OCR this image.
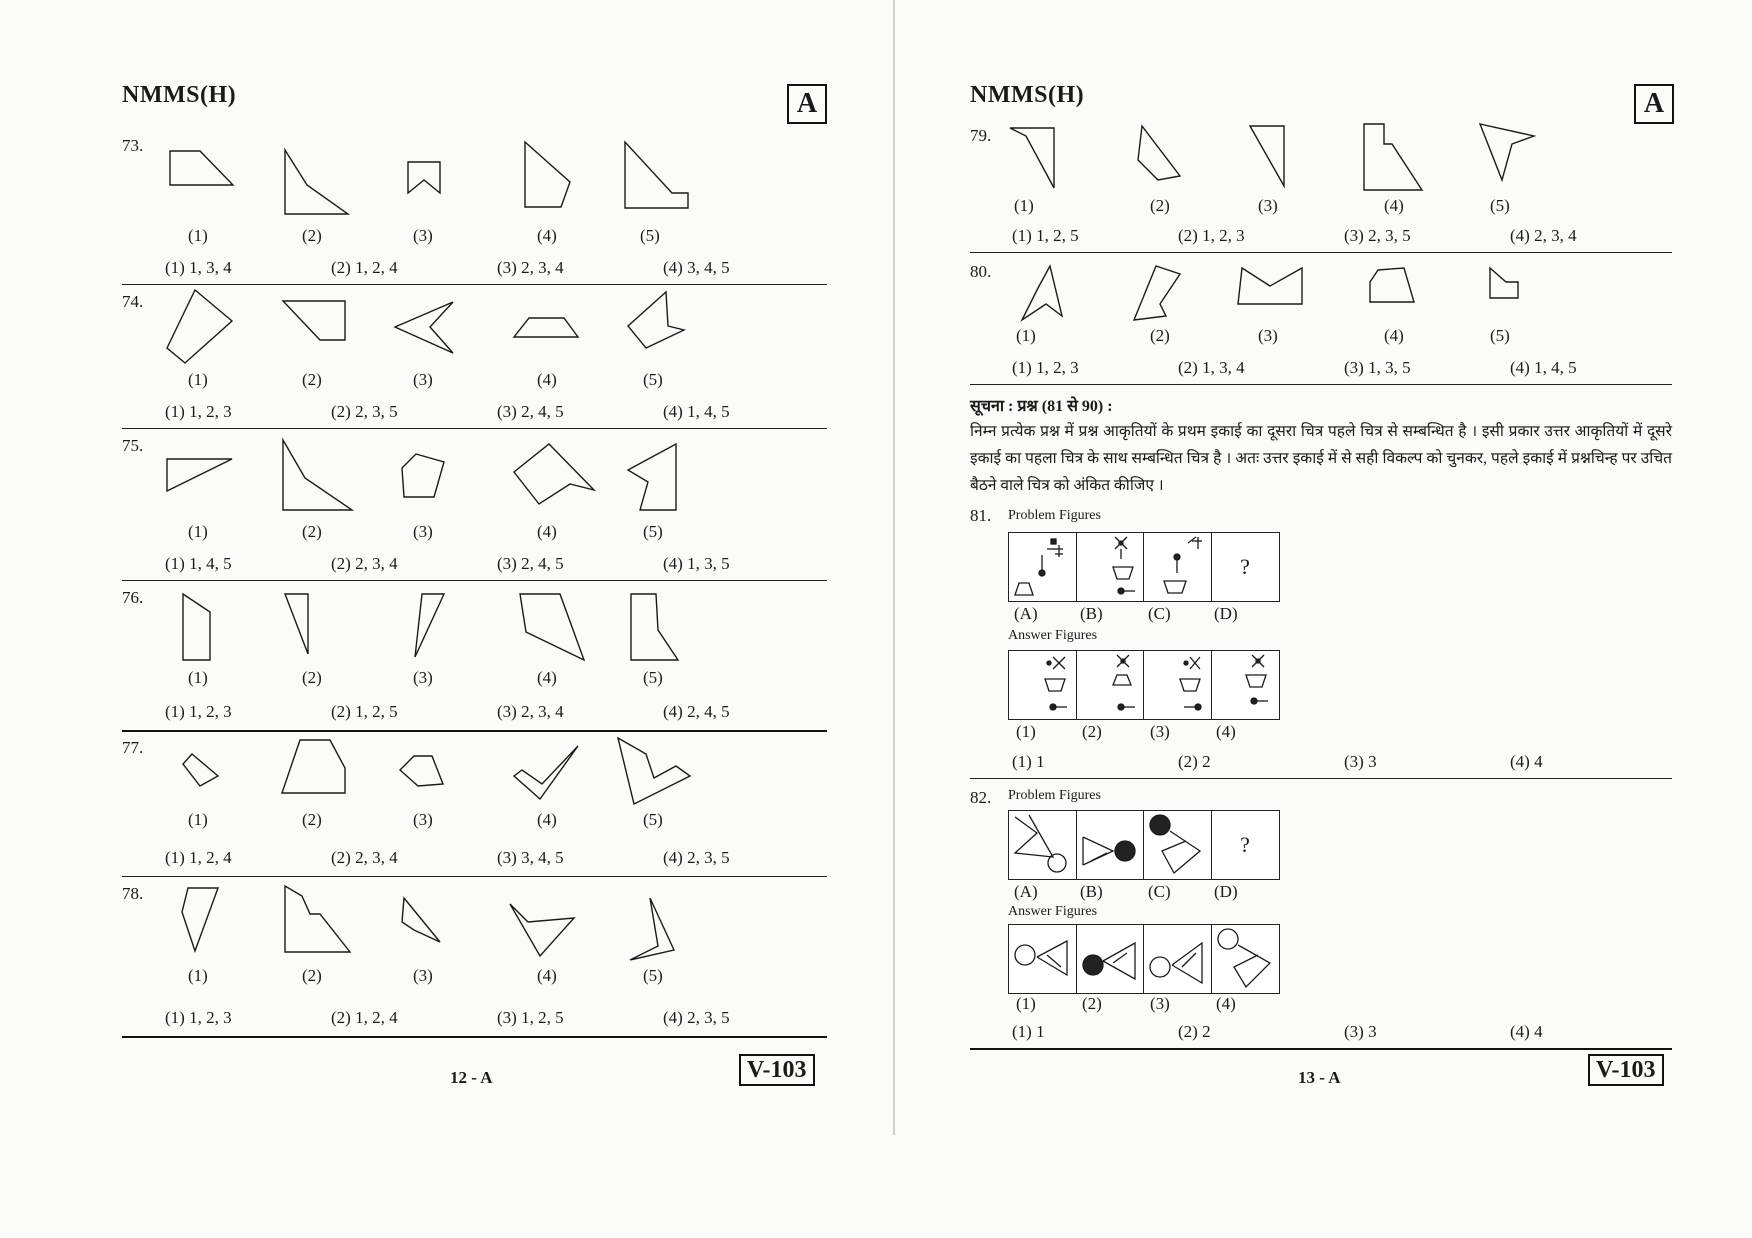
NMMS(H)	A
73.
(1)	(2)	(3)	(4)	(5)
(1) 1, 3, 4	(2) 1, 2, 4	(3) 2, 3, 4	(4) 3, 4, 5
74.
(1)	(2)	(3)	(4)	(5)
(1) 1, 2, 3	(2) 2, 3, 5	(3) 2, 4, 5	(4) 1, 4, 5
75.
(1)	(2)	(3)	(4)	(5)
(1) 1, 4, 5	(2) 2, 3, 4	(3) 2, 4, 5	(4) 1, 3, 5
76.
(1)	(2)	(3)	(4)	(5)
(1) 1, 2, 3	(2) 1, 2, 5	(3) 2, 3, 4	(4) 2, 4, 5
77.
(1)	(2)	(3)	(4)	(5)
(1) 1, 2, 4	(2) 2, 3, 4	(3) 3, 4, 5	(4) 2, 3, 5
78.
(1)	(2)	(3)	(4)	(5)
(1) 1, 2, 3	(2) 1, 2, 4	(3) 1, 2, 5	(4) 2, 3, 5
12 - A	V-103
NMMS(H)	A
79.
(1)	(2)	(3)	(4)	(5)
(1) 1, 2, 5	(2) 1, 2, 3	(3) 2, 3, 5	(4) 2, 3, 4
80.
(1)	(2)	(3)	(4)	(5)
(1) 1, 2, 3	(2) 1, 3, 4	(3) 1, 3, 5	(4) 1, 4, 5
सूचना : प्रश्न (81 से 90) :
निम्न प्रत्येक प्रश्न में प्रश्न आकृतियों के प्रथम इकाई का दूसरा चित्र पहले चित्र से सम्बन्धित है । इसी प्रकार उत्तर आकृतियों में दूसरे इकाई का पहला चित्र के साथ सम्बन्धित चित्र है । अतः उत्तर इकाई में से सही विकल्प को चुनकर, पहले इकाई में प्रश्नचिन्ह पर उचित बैठने वाले चित्र को अंकित कीजिए ।
81. Problem Figures
?
(A) (B)	(C)	(D)
Answer Figures
(1)	(2)	(3)	(4)
(1) 1	(2) 2	(3) 3	(4) 4
82. Problem Figures
?
(A) (B)	(C)	(D)
Answer Figures
(1)	(2)	(3)	(4)
(1) 1	(2) 2	(3) 3	(4) 4
13 - A	V-103
